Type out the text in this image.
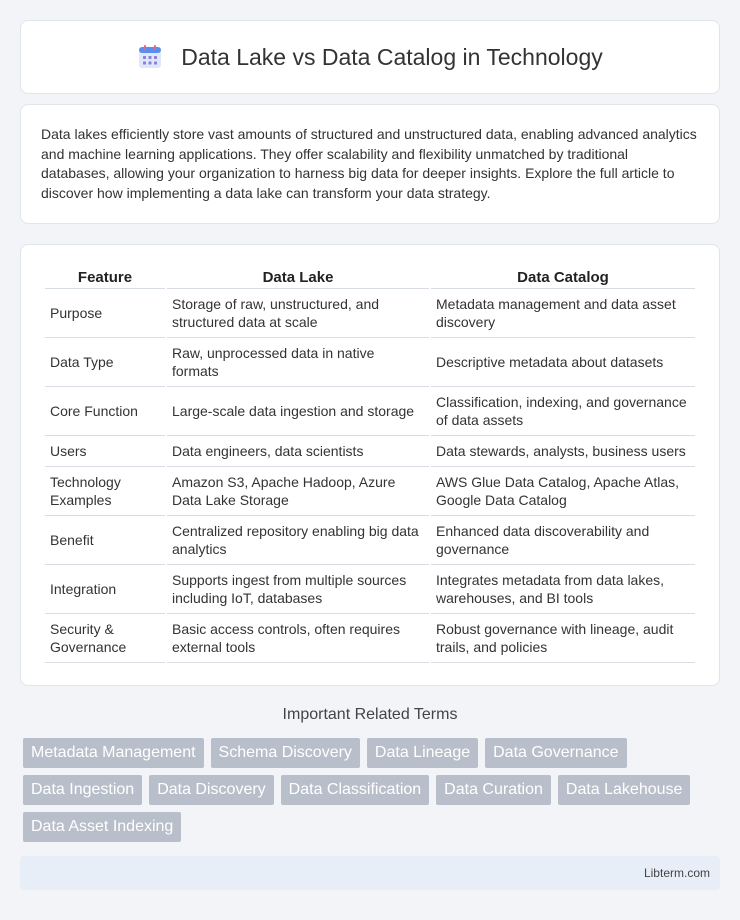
Data Lake vs Data Catalog in Technology

Data lakes efficiently store vast amounts of structured and unstructured data, enabling advanced analytics and machine learning applications. They offer scalability and flexibility unmatched by traditional databases, allowing your organization to harness big data for deeper insights. Explore the full article to discover how implementing a data lake can transform your data strategy.

Feature	Data Lake	Data Catalog
Purpose	Storage of raw, unstructured, and structured data at scale	Metadata management and data asset discovery
Data Type	Raw, unprocessed data in native formats	Descriptive metadata about datasets
Core Function	Large-scale data ingestion and storage	Classification, indexing, and governance of data assets
Users	Data engineers, data scientists	Data stewards, analysts, business users
Technology Examples	Amazon S3, Apache Hadoop, Azure Data Lake Storage	AWS Glue Data Catalog, Apache Atlas, Google Data Catalog
Benefit	Centralized repository enabling big data analytics	Enhanced data discoverability and governance
Integration	Supports ingest from multiple sources including IoT, databases	Integrates metadata from data lakes, warehouses, and BI tools
Security & Governance	Basic access controls, often requires external tools	Robust governance with lineage, audit trails, and policies
Important Related Terms
Metadata Management	Schema Discovery	Data Lineage	Data Governance
Data Ingestion	Data Discovery	Data Classification	Data Curation	Data Lakehouse
Data Asset Indexing
Libterm.com
